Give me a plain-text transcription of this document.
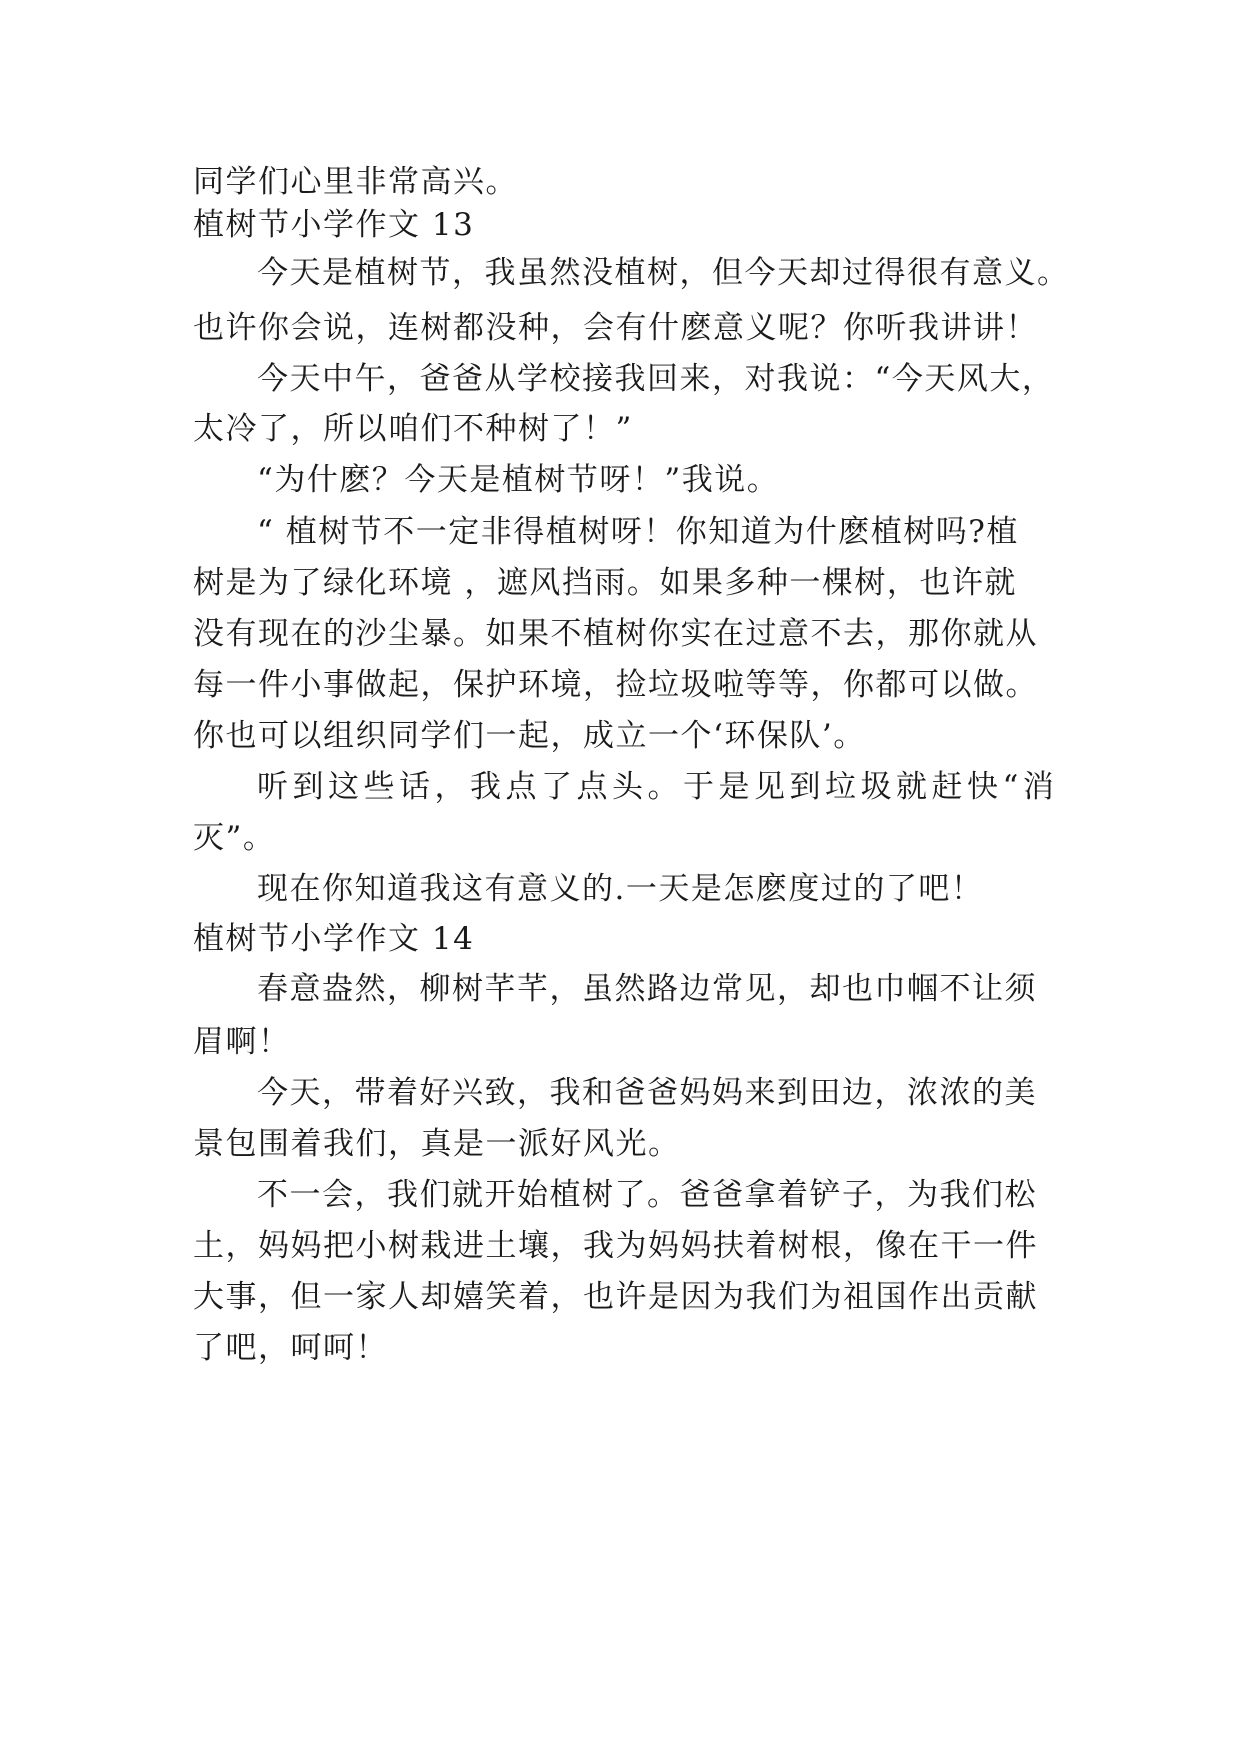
同学们心里非常高兴。
植树节小学作文 13
今天是植树节，我虽然没植树，但今天却过得很有意义。
也许你会说，连树都没种，会有什麽意义呢？你听我讲讲！
今天中午，爸爸从学校接我回来，对我说：“今天风大，
太冷了，所以咱们不种树了！”
“为什麽？今天是植树节呀！”我说。
“ 植树节不一定非得植树呀！你知道为什麽植树吗?植
树是为了绿化环境 ，遮风挡雨。如果多种一棵树，也许就
没有现在的沙尘暴。如果不植树你实在过意不去，那你就从
每一件小事做起，保护环境，捡垃圾啦等等，你都可以做。
你也可以组织同学们一起，成立一个‘环保队’。
听到这些话，我点了点头。于是见到垃圾就赶快“消
灭”。
现在你知道我这有意义的.一天是怎麽度过的了吧！
植树节小学作文 14
春意盎然，柳树芊芊，虽然路边常见，却也巾帼不让须
眉啊！
今天，带着好兴致，我和爸爸妈妈来到田边，浓浓的美
景包围着我们，真是一派好风光。
不一会，我们就开始植树了。爸爸拿着铲子，为我们松
土，妈妈把小树栽进土壤，我为妈妈扶着树根，像在干一件
大事，但一家人却嬉笑着，也许是因为我们为祖国作出贡献
了吧，呵呵！
